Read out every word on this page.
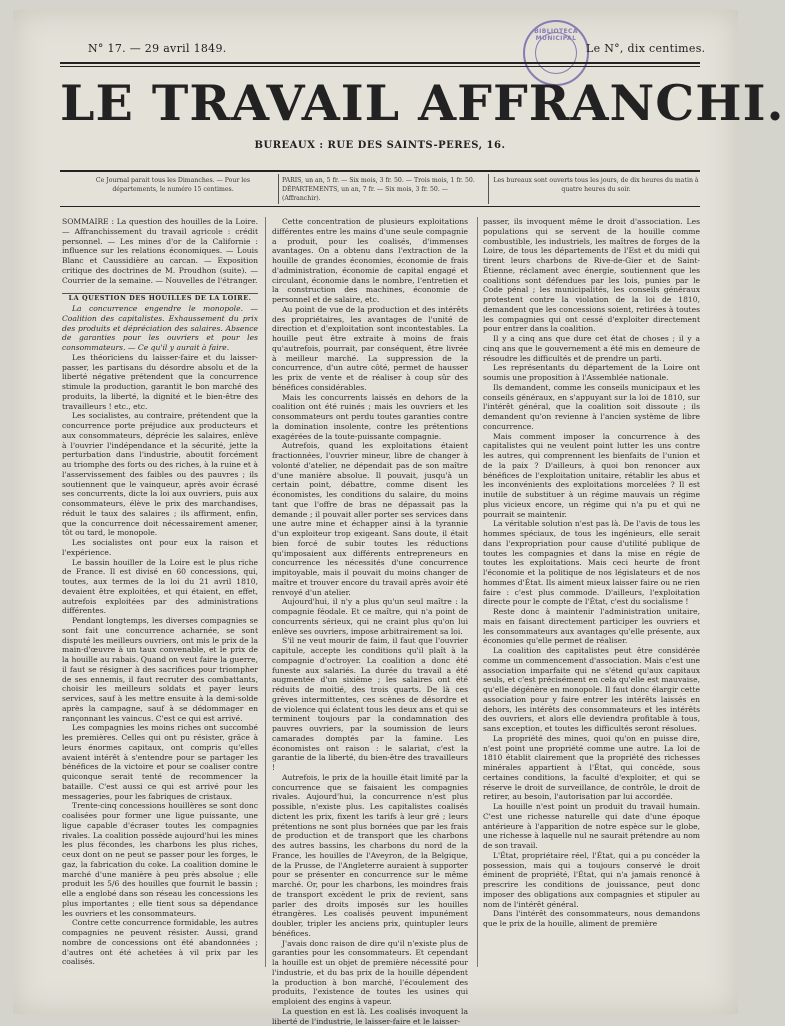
BIBLIOTECA MUNICIPAL
N° 17. — 29 avril 1849.	Le N°, dix centimes.
LE TRAVAIL AFFRANCHI.
BUREAUX : RUE DES SAINTS-PERES, 16.
Ce Journal parait tous les Dimanches. — Pour les départements, le numéro 15 centimes.
PARIS, un an, 5 fr. — Six mois, 3 fr. 50. — Trois mois, 1 fr. 50.
DÉPARTEMENTS, un an, 7 fr. — Six mois, 3 fr. 50. — (Affranchir).
Les bureaux sont ouverts tous les jours, de dix heures du matin à quatre heures du soir.

SOMMAIRE : La question des houilles de la Loire. — Affranchissement du travail agricole : crédit personnel. — Les mines d'or de la Californie : influence sur les relations économiques. — Louis Blanc et Caussidière au carcan. — Exposition critique des doctrines de M. Proudhon (suite). — Courrier de la semaine. — Nouvelles de l'étranger.

LA QUESTION DES HOUILLES DE LA LOIRE.

La concurrence engendre le monopole. — Coalition des capitalistes. Exhaussement du prix des produits et dépréciation des salaires. Absence de garanties pour les ouvriers et pour les consommateurs. — Ce qu'il y aurait à faire.

Les théoriciens du laisser-faire et du laisser-passer, les partisans du désordre absolu et de la liberté négative prétendent que la concurrence stimule la production, garantit le bon marché des produits, la liberté, la dignité et le bien-être des travailleurs ! etc., etc.

Les socialistes, au contraire, prétendent que la concurrence porte préjudice aux producteurs et aux consommateurs, déprécie les salaires, enlève à l'ouvrier l'indépendance et la sécurité, jette la perturbation dans l'industrie, aboutit forcément au triomphe des forts ou des riches, à la ruine et à l'asservissement des faibles ou des pauvres ; ils soutiennent que le vainqueur, après avoir écrasé ses concurrents, dicte la loi aux ouvriers, puis aux consommateurs, élève le prix des marchandises, réduit le taux des salaires ; ils affirment, enfin, que la concurrence doit nécessairement amener, tôt ou tard, le monopole.

Les socialistes ont pour eux la raison et l'expérience.

Le bassin houiller de la Loire est le plus riche de France. Il est divisé en 60 concessions, qui, toutes, aux termes de la loi du 21 avril 1810, devaient être exploitées, et qui étaient, en effet, autrefois exploitées par des administrations différentes.

Pendant longtemps, les diverses compagnies se sont fait une concurrence acharnée, se sont disputé les meilleurs ouvriers, ont mis le prix de la main-d'œuvre à un taux convenable, et le prix de la houille au rabais. Quand on veut faire la guerre, il faut se résigner à des sacrifices pour triompher de ses ennemis, il faut recruter des combattants, choisir les meilleurs soldats et payer leurs services, sauf à les mettre ensuite à la demi-solde après la campagne, sauf à se dédommager en rançonnant les vaincus. C'est ce qui est arrivé.

Les compagnies les moins riches ont succombé les premières. Celles qui ont pu résister, grâce à leurs énormes capitaux, ont compris qu'elles avaient intérêt à s'entendre pour se partager les bénéfices de la victoire et pour se coaliser contre quiconque serait tenté de recommencer la bataille. C'est aussi ce qui est arrivé pour les messageries, pour les fabriques de cristaux.

Trente-cinq concessions houillères se sont donc coalisées pour former une ligue puissante, une ligue capable d'écraser toutes les compagnies rivales. La coalition possède aujourd'hui les mines les plus fécondes, les charbons les plus riches, ceux dont on ne peut se passer pour les forges, le gaz, la fabrication du coke. La coalition domine le marché d'une manière à peu près absolue ; elle produit les 5/6 des houilles que fournit le bassin ; elle a englobé dans son réseau les concessions les plus importantes ; elle tient sous sa dépendance les ouvriers et les consommateurs.

Contre cette concurrence formidable, les autres compagnies ne peuvent résister. Aussi, grand nombre de concessions ont été abandonnées ; d'autres ont été achetées à vil prix par les coalisés.

Cette concentration de plusieurs exploitations différentes entre les mains d'une seule compagnie a produit, pour les coalisés, d'immenses avantages. On a obtenu dans l'extraction de la houille de grandes économies, économie de frais d'administration, économie de capital engagé et circulant, économie dans le nombre, l'entretien et la construction des machines, économie de personnel et de salaire, etc.

Au point de vue de la production et des intérêts des propriétaires, les avantages de l'unité de direction et d'exploitation sont incontestables. La houille peut être extraite à moins de frais qu'autrefois, pourrait, par conséquent, être livrée à meilleur marché. La suppression de la concurrence, d'un autre côté, permet de hausser les prix de vente et de réaliser à coup sûr des bénéfices considérables.

Mais les concurrents laissés en dehors de la coalition ont été ruinés ; mais les ouvriers et les consommateurs ont perdu toutes garanties contre la domination insolente, contre les prétentions exagérées de la toute-puissante compagnie.

Autrefois, quand les exploitations étaient fractionnées, l'ouvrier mineur, libre de changer à volonté d'atelier, ne dépendait pas de son maître d'une manière absolue. Il pouvait, jusqu'à un certain point, débattre, comme disent les économistes, les conditions du salaire, du moins tant que l'offre de bras ne dépassait pas la demande ; il pouvait aller porter ses services dans une autre mine et échapper ainsi à la tyrannie d'un exploiteur trop exigeant. Sans doute, il était bien forcé de subir toutes les réductions qu'imposaient aux différents entrepreneurs en concurrence les nécessités d'une concurrence impitoyable, mais il pouvait du moins changer de maître et trouver encore du travail après avoir été renvoyé d'un atelier.

Aujourd'hui, il n'y a plus qu'un seul maître : la compagnie féodale. Et ce maître, qui n'a point de concurrents sérieux, qui ne craint plus qu'on lui enlève ses ouvriers, impose arbitrairement sa loi.

S'il ne veut mourir de faim, il faut que l'ouvrier capitule, accepte les conditions qu'il plaît à la compagnie d'octroyer. La coalition a donc été funeste aux salariés. La durée du travail a été augmentée d'un sixième ; les salaires ont été réduits de moitié, des trois quarts. De là ces grèves intermittentes, ces scènes de désordre et de violence qui éclatent tous les deux ans et qui se terminent toujours par la condamnation des pauvres ouvriers, par la soumission de leurs camarades domptés par la famine. Les économistes ont raison : le salariat, c'est la garantie de la liberté, du bien-être des travailleurs !

Autrefois, le prix de la houille était limité par la concurrence que se faisaient les compagnies rivales. Aujourd'hui, la concurrence n'est plus possible, n'existe plus. Les capitalistes coalisés dictent les prix, fixent les tarifs à leur gré ; leurs prétentions ne sont plus bornées que par les frais de production et de transport que les charbons des autres bassins, les charbons du nord de la France, les houilles de l'Aveyron, de la Belgique, de la Prusse, de l'Angleterre auraient à supporter pour se présenter en concurrence sur le même marché. Or, pour les charbons, les moindres frais de transport excèdent le prix de revient, sans parler des droits imposés sur les houilles étrangères. Les coalisés peuvent impunément doubler, tripler les anciens prix, quintupler leurs bénéfices.

J'avais donc raison de dire qu'il n'existe plus de garanties pour les consommateurs. Et cependant la houille est un objet de première nécessité pour l'industrie, et du bas prix de la houille dépendent la production à bon marché, l'écoulement des produits, l'existence de toutes les usines qui emploient des engins à vapeur.

La question en est là. Les coalisés invoquent la liberté de l'industrie, le laisser-faire et le laisser-

passer, ils invoquent même le droit d'association. Les populations qui se servent de la houille comme combustible, les industriels, les maîtres de forges de la Loire, de tous les départements de l'Est et du midi qui tirent leurs charbons de Rive-de-Gier et de Saint-Étienne, réclament avec énergie, soutiennent que les coalitions sont défendues par les lois, punies par le Code pénal ; les municipalités, les conseils généraux protestent contre la violation de la loi de 1810, demandent que les concessions soient, retirées à toutes les compagnies qui ont cessé d'exploiter directement pour entrer dans la coalition.

Il y a cinq ans que dure cet état de choses ; il y a cinq ans que le gouvernement a été mis en demeure de résoudre les difficultés et de prendre un parti.

Les représentants du département de la Loire ont soumis une proposition à l'Assemblée nationale.

Ils demandent, comme les conseils municipaux et les conseils généraux, en s'appuyant sur la loi de 1810, sur l'intérêt général, que la coalition soit dissoute ; ils demandent qu'on revienne à l'ancien système de libre concurrence.

Mais comment imposer la concurrence à des capitalistes qui ne veulent point lutter les uns contre les autres, qui comprennent les bienfaits de l'union et de la paix ? D'ailleurs, à quoi bon renoncer aux bénéfices de l'exploitation unitaire, rétablir les abus et les inconvénients des exploitations morcelées ? Il est inutile de substituer à un régime mauvais un régime plus vicieux encore, un régime qui n'a pu et qui ne pourrait se maintenir.

La véritable solution n'est pas là. De l'avis de tous les hommes spéciaux, de tous les ingénieurs, elle serait dans l'expropriation pour cause d'utilité publique de toutes les compagnies et dans la mise en régie de toutes les exploitations. Mais ceci heurte de front l'économie et la politique de nos législateurs et de nos hommes d'État. Ils aiment mieux laisser faire ou ne rien faire : c'est plus commode. D'ailleurs, l'exploitation directe pour le compte de l'État, c'est du socialisme !

Reste donc à maintenir l'administration unitaire, mais en faisant directement participer les ouvriers et les consommateurs aux avantages qu'elle présente, aux économies qu'elle permet de réaliser.

La coalition des capitalistes peut être considérée comme un commencement d'association. Mais c'est une association imparfaite qui ne s'étend qu'aux capitaux seuls, et c'est précisément en cela qu'elle est mauvaise, qu'elle dégénère en monopole. Il faut donc élargir cette association pour y faire entrer les intérêts laissés en dehors, les intérêts des consommateurs et les intérêts des ouvriers, et alors elle deviendra profitable à tous, sans exception, et toutes les difficultés seront résolues.

La propriété des mines, quoi qu'on en puisse dire, n'est point une propriété comme une autre. La loi de 1810 établit clairement que la propriété des richesses minérales appartient à l'État, qui concède, sous certaines conditions, la faculté d'exploiter, et qui se réserve le droit de surveillance, de contrôle, le droit de retirer, au besoin, l'autorisation par lui accordée.

La houille n'est point un produit du travail humain. C'est une richesse naturelle qui date d'une époque antérieure à l'apparition de notre espèce sur le globe, une richesse à laquelle nul ne saurait prétendre au nom de son travail.

L'État, propriétaire réel, l'État, qui a pu concéder la possession, mais qui a toujours conservé le droit éminent de propriété, l'État, qui n'a jamais renoncé à prescrire les conditions de jouissance, peut donc imposer des obligations aux compagnies et stipuler au nom de l'intérêt général.

Dans l'intérêt des consommateurs, nous demandons que le prix de la houille, aliment de première
